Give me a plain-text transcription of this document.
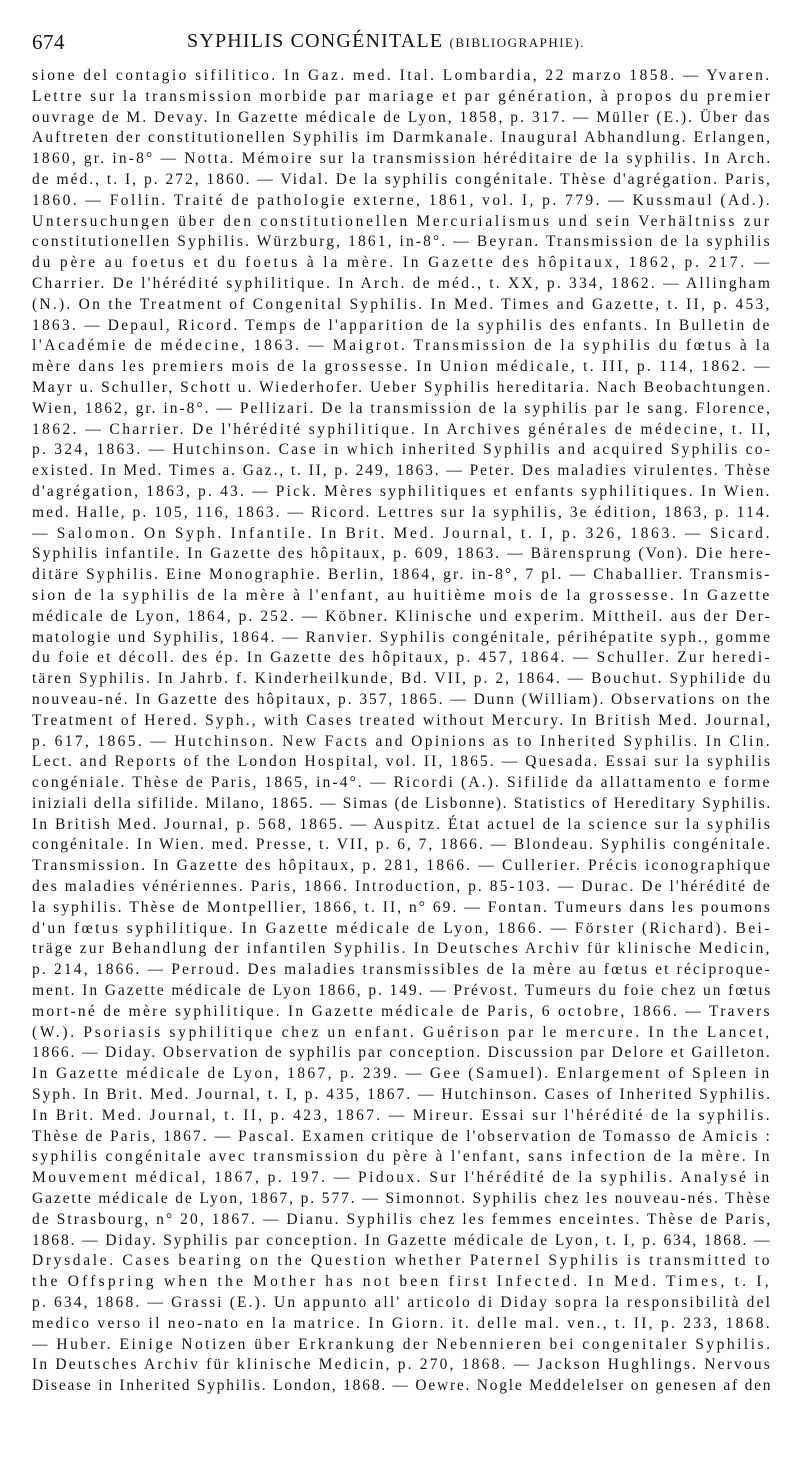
674	SYPHILIS CONGÉNITALE (BIBLIOGRAPHIE).
sione del contagio sifilitico. In Gaz. med. Ital. Lombardia, 22 marzo 1858. — Yvaren.
Lettre sur la transmission morbide par mariage et par génération, à propos du premier
ouvrage de M. Devay. In Gazette médicale de Lyon, 1858, p. 317. — Müller (E.). Über das
Auftreten der constitutionellen Syphilis im Darmkanale. Inaugural Abhandlung. Erlangen,
1860, gr. in-8° — Notta. Mémoire sur la transmission héréditaire de la syphilis. In Arch.
de méd., t. I, p. 272, 1860. — Vidal. De la syphilis congénitale. Thèse d'agrégation. Paris,
1860. — Follin. Traité de pathologie externe, 1861, vol. I, p. 779. — Kussmaul (Ad.).
Untersuchungen über den constitutionellen Mercurialismus und sein Verhältniss zur
constitutionellen Syphilis. Würzburg, 1861, in-8°. — Beyran. Transmission de la syphilis
du père au foetus et du foetus à la mère. In Gazette des hôpitaux, 1862, p. 217. —
Charrier. De l'hérédité syphilitique. In Arch. de méd., t. XX, p. 334, 1862. — Allingham
(N.). On the Treatment of Congenital Syphilis. In Med. Times and Gazette, t. II, p. 453,
1863. — Depaul, Ricord. Temps de l'apparition de la syphilis des enfants. In Bulletin de
l'Académie de médecine, 1863. — Maigrot. Transmission de la syphilis du fœtus à la
mère dans les premiers mois de la grossesse. In Union médicale, t. III, p. 114, 1862. —
Mayr u. Schuller, Schott u. Wiederhofer. Ueber Syphilis hereditaria. Nach Beobachtungen.
Wien, 1862, gr. in-8°. — Pellizari. De la transmission de la syphilis par le sang. Florence,
1862. — Charrier. De l'hérédité syphilitique. In Archives générales de médecine, t. II,
p. 324, 1863. — Hutchinson. Case in which inherited Syphilis and acquired Syphilis co-
existed. In Med. Times a. Gaz., t. II, p. 249, 1863. — Peter. Des maladies virulentes. Thèse
d'agrégation, 1863, p. 43. — Pick. Mères syphilitiques et enfants syphilitiques. In Wien.
med. Halle, p. 105, 116, 1863. — Ricord. Lettres sur la syphilis, 3e édition, 1863, p. 114.
— Salomon. On Syph. Infantile. In Brit. Med. Journal, t. I, p. 326, 1863. — Sicard.
Syphilis infantile. In Gazette des hôpitaux, p. 609, 1863. — Bärensprung (Von). Die here-
ditäre Syphilis. Eine Monographie. Berlin, 1864, gr. in-8°, 7 pl. — Chaballier. Transmis-
sion de la syphilis de la mère à l'enfant, au huitième mois de la grossesse. In Gazette
médicale de Lyon, 1864, p. 252. — Köbner. Klinische und experim. Mittheil. aus der Der-
matologie und Syphilis, 1864. — Ranvier. Syphilis congénitale, périhépatite syph., gomme
du foie et décoll. des ép. In Gazette des hôpitaux, p. 457, 1864. — Schuller. Zur heredi-
tären Syphilis. In Jahrb. f. Kinderheilkunde, Bd. VII, p. 2, 1864. — Bouchut. Syphilide du
nouveau-né. In Gazette des hôpitaux, p. 357, 1865. — Dunn (William). Observations on the
Treatment of Hered. Syph., with Cases treated without Mercury. In British Med. Journal,
p. 617, 1865. — Hutchinson. New Facts and Opinions as to Inherited Syphilis. In Clin.
Lect. and Reports of the London Hospital, vol. II, 1865. — Quesada. Essai sur la syphilis
congéniale. Thèse de Paris, 1865, in-4°. — Ricordi (A.). Sifilide da allattamento e forme
iniziali della sifilide. Milano, 1865. — Simas (de Lisbonne). Statistics of Hereditary Syphilis.
In British Med. Journal, p. 568, 1865. — Auspitz. État actuel de la science sur la syphilis
congénitale. In Wien. med. Presse, t. VII, p. 6, 7, 1866. — Blondeau. Syphilis congénitale.
Transmission. In Gazette des hôpitaux, p. 281, 1866. — Cullerier. Précis iconographique
des maladies vénériennes. Paris, 1866. Introduction, p. 85-103. — Durac. De l'hérédité de
la syphilis. Thèse de Montpellier, 1866, t. II, n° 69. — Fontan. Tumeurs dans les poumons
d'un fœtus syphilitique. In Gazette médicale de Lyon, 1866. — Förster (Richard). Bei-
träge zur Behandlung der infantilen Syphilis. In Deutsches Archiv für klinische Medicin,
p. 214, 1866. — Perroud. Des maladies transmissibles de la mère au fœtus et réciproque-
ment. In Gazette médicale de Lyon 1866, p. 149. — Prévost. Tumeurs du foie chez un fœtus
mort-né de mère syphilitique. In Gazette médicale de Paris, 6 octobre, 1866. — Travers
(W.). Psoriasis syphilitique chez un enfant. Guérison par le mercure. In the Lancet,
1866. — Diday. Observation de syphilis par conception. Discussion par Delore et Gailleton.
In Gazette médicale de Lyon, 1867, p. 239. — Gee (Samuel). Enlargement of Spleen in
Syph. In Brit. Med. Journal, t. I, p. 435, 1867. — Hutchinson. Cases of Inherited Syphilis.
In Brit. Med. Journal, t. II, p. 423, 1867. — Mireur. Essai sur l'hérédité de la syphilis.
Thèse de Paris, 1867. — Pascal. Examen critique de l'observation de Tomasso de Amicis :
syphilis congénitale avec transmission du père à l'enfant, sans infection de la mère. In
Mouvement médical, 1867, p. 197. — Pidoux. Sur l'hérédité de la syphilis. Analysé in
Gazette médicale de Lyon, 1867, p. 577. — Simonnot. Syphilis chez les nouveau-nés. Thèse
de Strasbourg, n° 20, 1867. — Dianu. Syphilis chez les femmes enceintes. Thèse de Paris,
1868. — Diday. Syphilis par conception. In Gazette médicale de Lyon, t. I, p. 634, 1868. —
Drysdale. Cases bearing on the Question whether Paternel Syphilis is transmitted to
the Offspring when the Mother has not been first Infected. In Med. Times, t. I,
p. 634, 1868. — Grassi (E.). Un appunto all' articolo di Diday sopra la responsibilità del
medico verso il neo-nato en la matrice. In Giorn. it. delle mal. ven., t. II, p. 233, 1868.
— Huber. Einige Notizen über Erkrankung der Nebennieren bei congenitaler Syphilis.
In Deutsches Archiv für klinische Medicin, p. 270, 1868. — Jackson Hughlings. Nervous
Disease in Inherited Syphilis. London, 1868. — Oewre. Nogle Meddelelser on genesen af den
